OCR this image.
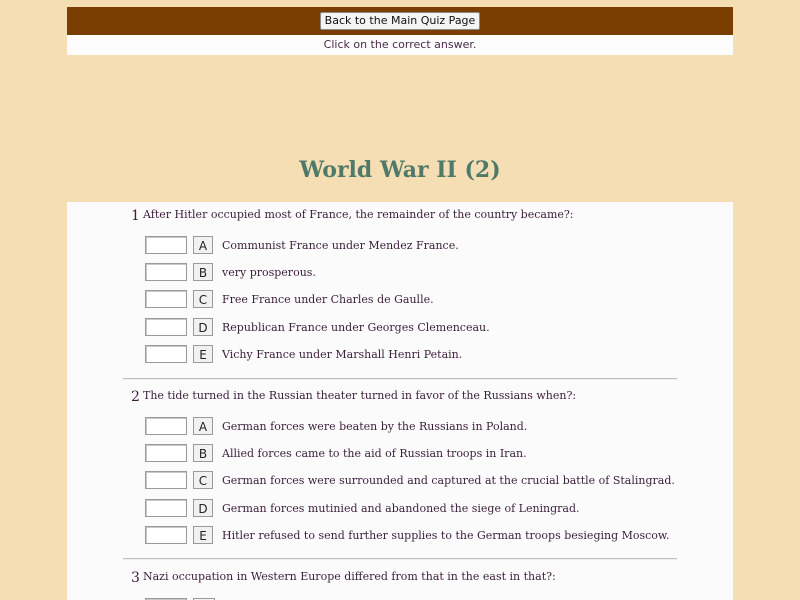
Back to the Main Quiz Page
Click on the correct answer.
World War II (2)
1 After Hitler occupied most of France, the remainder of the country became?:
A	Communist France under Mendez France.
B	very prosperous.
C	Free France under Charles de Gaulle.
D	Republican France under Georges Clemenceau.
E	Vichy France under Marshall Henri Petain.
2 The tide turned in the Russian theater turned in favor of the Russians when?:
A	German forces were beaten by the Russians in Poland.
B	Allied forces came to the aid of Russian troops in Iran.
C	German forces were surrounded and captured at the crucial battle of Stalingrad.
D	German forces mutinied and abandoned the siege of Leningrad.
E	Hitler refused to send further supplies to the German troops besieging Moscow.
3 Nazi occupation in Western Europe differed from that in the east in that?:
